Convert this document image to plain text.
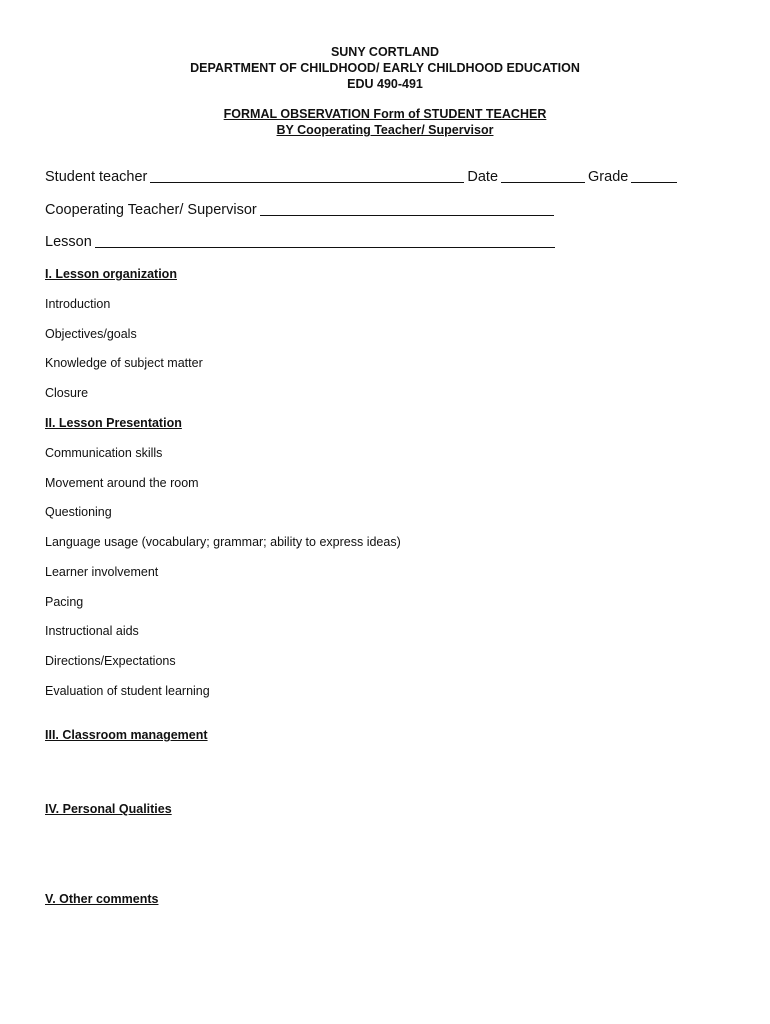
SUNY CORTLAND
DEPARTMENT OF CHILDHOOD/ EARLY CHILDHOOD EDUCATION
EDU 490-491
FORMAL OBSERVATION Form of STUDENT TEACHER
BY Cooperating Teacher/ Supervisor
Student teacher	Date	Grade
Cooperating Teacher/ Supervisor
Lesson
I. Lesson organization
Introduction
Objectives/goals
Knowledge of subject matter
Closure
II. Lesson Presentation
Communication skills
Movement around the room
Questioning
Language usage (vocabulary; grammar; ability to express ideas)
Learner involvement
Pacing
Instructional aids
Directions/Expectations
Evaluation of student learning
III. Classroom management
IV. Personal Qualities
V. Other comments
